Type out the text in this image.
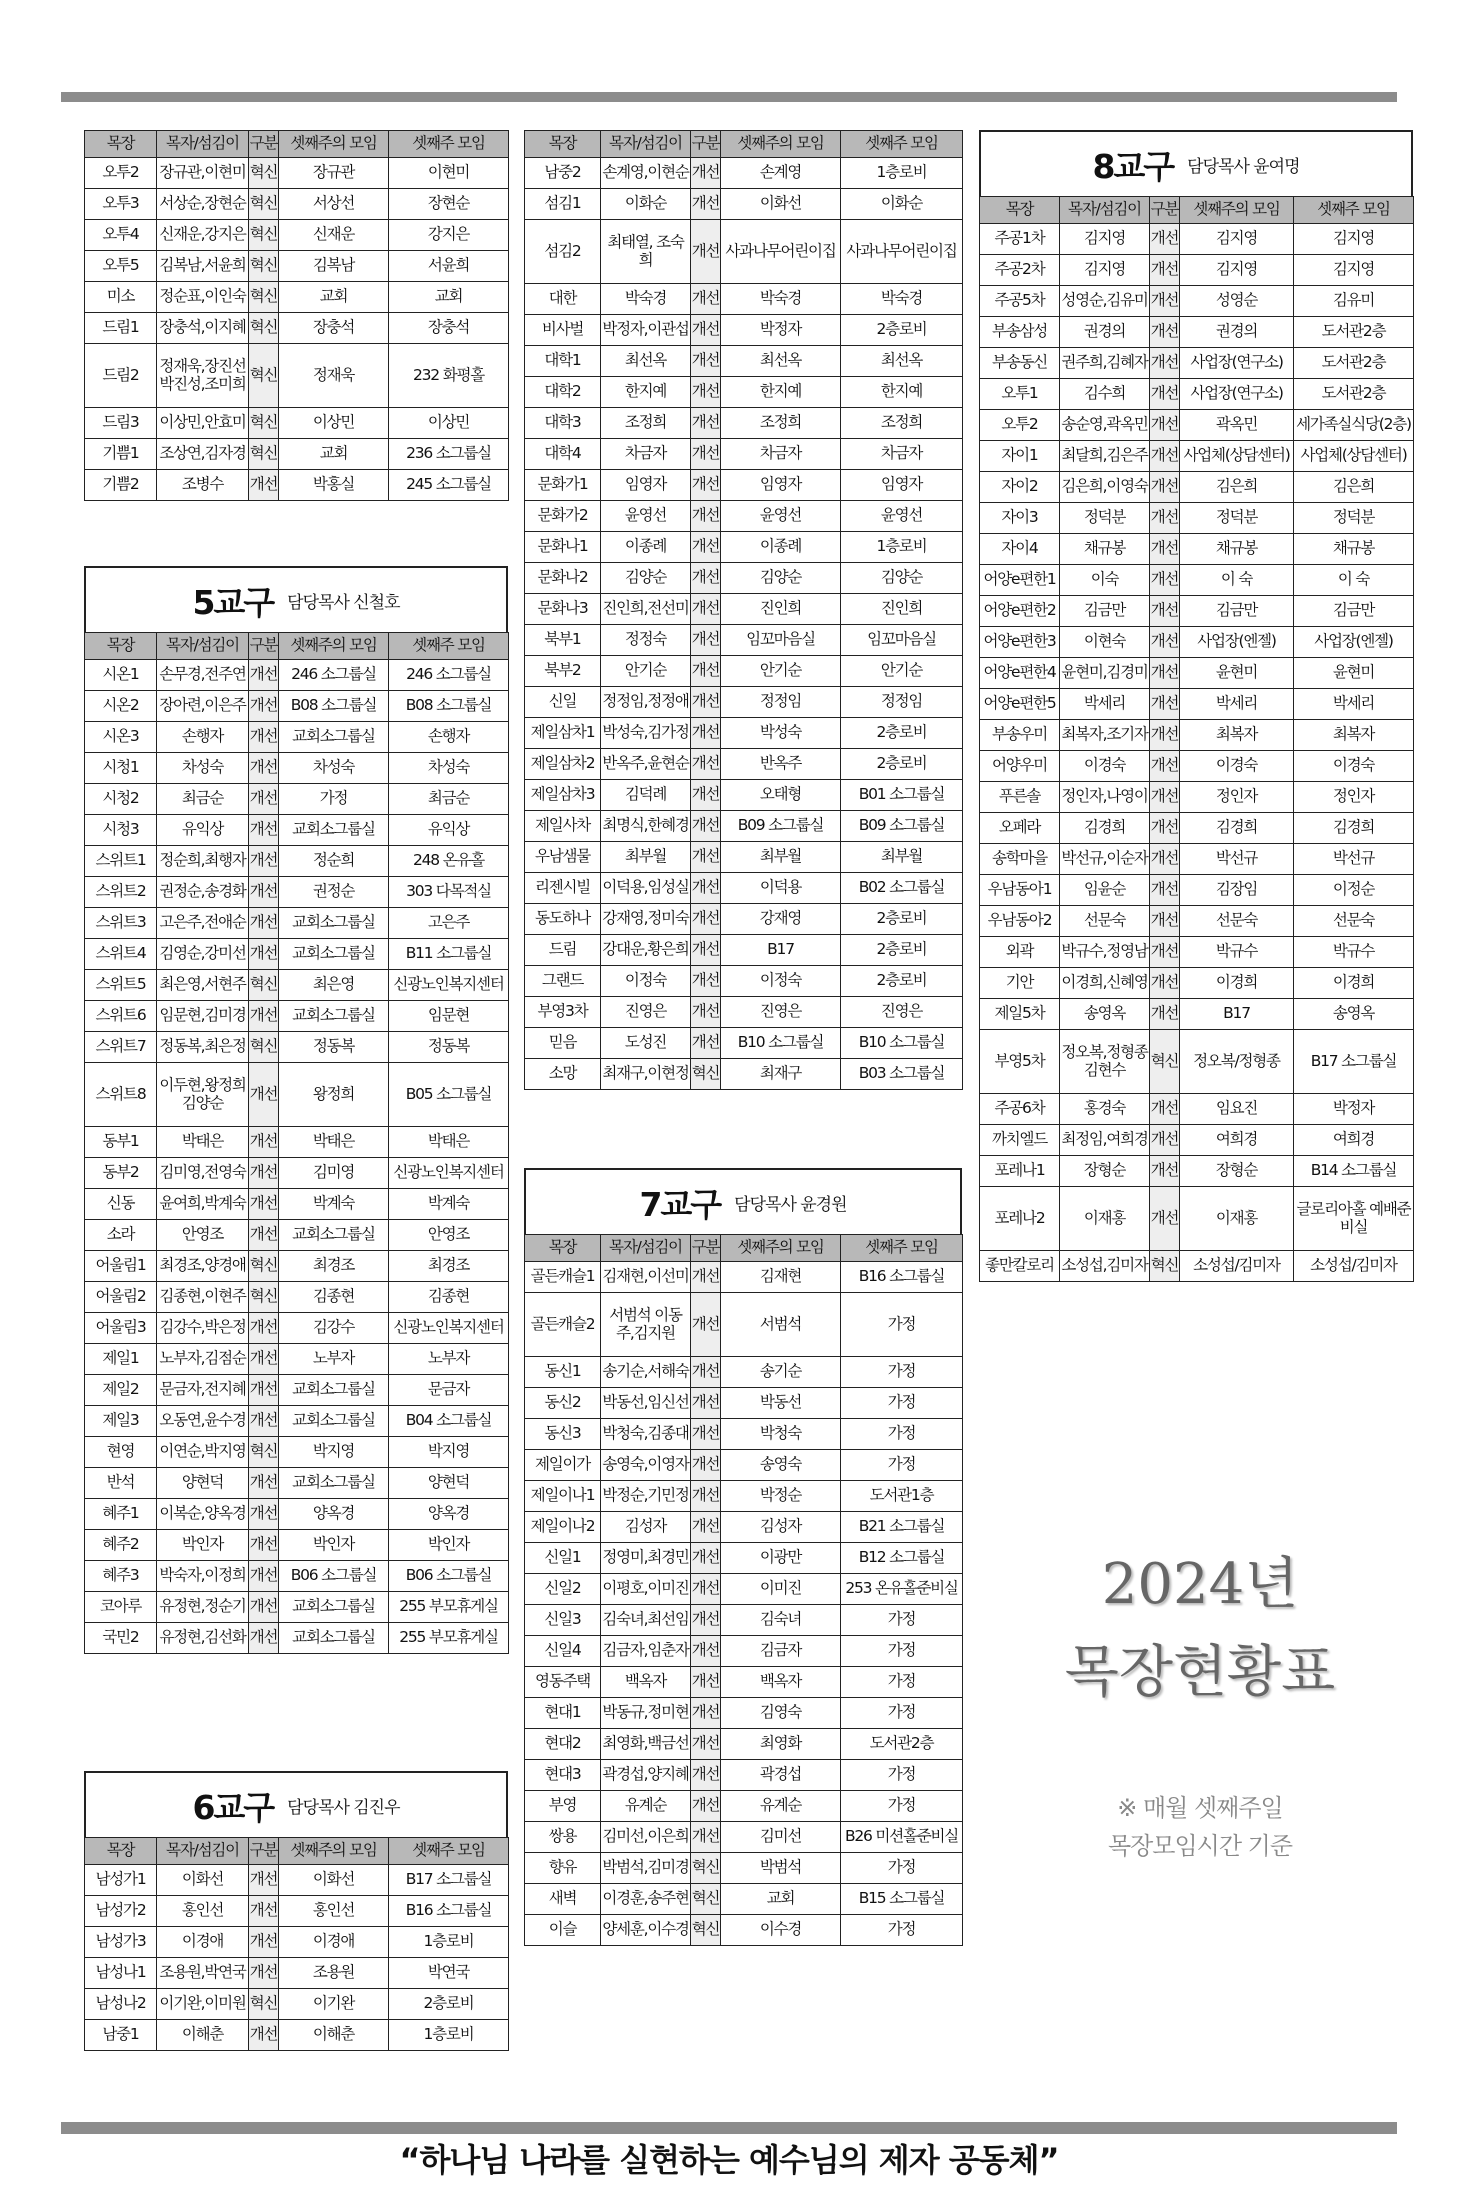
목장	목자/섬김이	구분	셋째주의 모임	셋째주 모임
오투2	장규관,이현미	혁신	장규관	이현미
오투3	서상순,장현순	혁신	서상선	장현순
오투4	신재운,강지은	혁신	신재운	강지은
오투5	김복남,서윤희	혁신	김복남	서윤희
미소	정순표,이인숙	혁신	교회	교회
드림1	장충석,이지혜	혁신	장충석	장충석
드림2	정재욱,장진선 박진성,조미희	혁신	정재욱	232 화평홀
드림3	이상민,안효미	혁신	이상민	이상민
기쁨1	조상연,김자경	혁신	교회	236 소그룹실
기쁨2	조병수	개선	박홍실	245 소그룹실
5교구 담당목사 신철호
목장	목자/섬김이	구분	셋째주의 모임	셋째주 모임
시온1	손무경,전주연	개선	246 소그룹실	246 소그룹실
시온2	장아련,이은주	개선	B08 소그룹실	B08 소그룹실
시온3	손행자	개선	교회소그룹실	손행자
시청1	차성숙	개선	차성숙	차성숙
시청2	최금순	개선	가정	최금순
시청3	유익상	개선	교회소그룹실	유익상
스위트1	정순희,최행자	개선	정순희	248 온유홀
스위트2	권정순,송경화	개선	권정순	303 다목적실
스위트3	고은주,전애순	개선	교회소그룹실	고은주
스위트4	김영순,강미선	개선	교회소그룹실	B11 소그룹실
스위트5	최은영,서현주	혁신	최은영	신광노인복지센터
스위트6	임문현,김미경	개선	교회소그룹실	임문현
스위트7	정동복,최은정	혁신	정동복	정동복
스위트8	이두현,왕정희 김양순	개선	왕정희	B05 소그룹실
동부1	박태은	개선	박태은	박태은
동부2	김미영,전영숙	개선	김미영	신광노인복지센터
신동	윤여희,박계숙	개선	박계숙	박계숙
소라	안영조	개선	교회소그룹실	안영조
어울림1	최경조,양경애	혁신	최경조	최경조
어울림2	김종현,이현주	혁신	김종현	김종현
어울림3	김강수,박은정	개선	김강수	신광노인복지센터
제일1	노부자,김점순	개선	노부자	노부자
제일2	문금자,전지혜	개선	교회소그룹실	문금자
제일3	오동연,윤수경	개선	교회소그룹실	B04 소그룹실
현영	이연순,박지영	혁신	박지영	박지영
반석	양현덕	개선	교회소그룹실	양현덕
혜주1	이복순,양옥경	개선	양옥경	양옥경
혜주2	박인자	개선	박인자	박인자
혜주3	박숙자,이정희	개선	B06 소그룹실	B06 소그룹실
코아루	유정현,정순기	개선	교회소그룹실	255 부모휴게실
국민2	유정현,김선화	개선	교회소그룹실	255 부모휴게실
6교구 담당목사 김진우
목장	목자/섬김이	구분	셋째주의 모임	셋째주 모임
남성가1	이화선	개선	이화선	B17 소그룹실
남성가2	홍인선	개선	홍인선	B16 소그룹실
남성가3	이경애	개선	이경애	1층로비
남성나1	조용원,박연국	개선	조용원	박연국
남성나2	이기완,이미원	혁신	이기완	2층로비
남중1	이해춘	개선	이해춘	1층로비
목장	목자/섬김이	구분	셋째주의 모임	셋째주 모임
남중2	손계영,이현순	개선	손계영	1층로비
섬김1	이화순	개선	이화선	이화순
섬김2	최태열, 조숙희	개선	사과나무어린이집	사과나무어린이집
대한	박숙경	개선	박숙경	박숙경
비사벌	박정자,이관섭	개선	박정자	2층로비
대학1	최선옥	개선	최선옥	최선옥
대학2	한지예	개선	한지예	한지예
대학3	조정희	개선	조정희	조정희
대학4	차금자	개선	차금자	차금자
문화가1	임영자	개선	임영자	임영자
문화가2	윤영선	개선	윤영선	윤영선
문화나1	이종례	개선	이종례	1층로비
문화나2	김양순	개선	김양순	김양순
문화나3	진인희,전선미	개선	진인희	진인희
북부1	정정숙	개선	임꼬마음실	임꼬마음실
북부2	안기순	개선	안기순	안기순
신일	정정임,정정애	개선	정정임	정정임
제일삼차1	박성숙,김가정	개선	박성숙	2층로비
제일삼차2	반옥주,윤현순	개선	반옥주	2층로비
제일삼차3	김덕례	개선	오태형	B01 소그룹실
제일사차	최명식,한혜경	개선	B09 소그룹실	B09 소그룹실
우남샘물	최부월	개선	최부월	최부월
리젠시빌	이덕용,임성실	개선	이덕용	B02 소그룹실
동도하나	강재영,정미숙	개선	강재영	2층로비
드림	강대운,황은희	개선	B17	2층로비
그랜드	이정숙	개선	이정숙	2층로비
부영3차	진영은	개선	진영은	진영은
믿음	도성진	개선	B10 소그룹실	B10 소그룹실
소망	최재구,이현정	혁신	최재구	B03 소그룹실
7교구 담당목사 윤경원
목장	목자/섬김이	구분	셋째주의 모임	셋째주 모임
골든캐슬1	김재현,이선미	개선	김재현	B16 소그룹실
골든캐슬2	서범석 이동주,김지원	개선	서범석	가정
동신1	송기순,서해숙	개선	송기순	가정
동신2	박동선,임신선	개선	박동선	가정
동신3	박청숙,김종대	개선	박청숙	가정
제일이가	송영숙,이영자	개선	송영숙	가정
제일이나1	박정순,기민정	개선	박정순	도서관1층
제일이나2	김성자	개선	김성자	B21 소그룹실
신일1	정영미,최경민	개선	이광만	B12 소그룹실
신일2	이평호,이미진	개선	이미진	253 온유홀준비실
신일3	김숙녀,최선임	개선	김숙녀	가정
신일4	김금자,임춘자	개선	김금자	가정
영동주택	백옥자	개선	백옥자	가정
현대1	박동규,정미현	개선	김영숙	가정
현대2	최영화,백금선	개선	최영화	도서관2층
현대3	곽경섭,양지혜	개선	곽경섭	가정
부영	유계순	개선	유계순	가정
쌍용	김미선,이은희	개선	김미선	B26 미션홀준비실
향유	박범석,김미경	혁신	박범석	가정
새벽	이경훈,송주현	혁신	교회	B15 소그룹실
이슬	양세훈,이수경	혁신	이수경	가정
8교구 담당목사 윤여명
목장	목자/섬김이	구분	셋째주의 모임	셋째주 모임
주공1차	김지영	개선	김지영	김지영
주공2차	김지영	개선	김지영	김지영
주공5차	성영순,김유미	개선	성영순	김유미
부송삼성	권경의	개선	권경의	도서관2층
부송동신	권주희,김혜자	개선	사업장(연구소)	도서관2층
오투1	김수희	개선	사업장(연구소)	도서관2층
오투2	송순영,곽옥민	개선	곽옥민	세가족실식당(2층)
자이1	최달희,김은주	개선	사업체(상담센터)	사업체(상담센터)
자이2	김은희,이영숙	개선	김은희	김은희
자이3	정덕분	개선	정덕분	정덕분
자이4	채규봉	개선	채규봉	채규봉
어양e편한1	이숙	개선	이 숙	이 숙
어양e편한2	김금만	개선	김금만	김금만
어양e편한3	이현숙	개선	사업장(엔젤)	사업장(엔젤)
어양e편한4	윤현미,김경미	개선	윤현미	윤현미
어양e편한5	박세리	개선	박세리	박세리
부송우미	최복자,조기자	개선	최복자	최복자
어양우미	이경숙	개선	이경숙	이경숙
푸른솔	정인자,나영이	개선	정인자	정인자
오페라	김경희	개선	김경희	김경희
송학마을	박선규,이순자	개선	박선규	박선규
우남동아1	임윤순	개선	김장임	이정순
우남동아2	선문숙	개선	선문숙	선문숙
외곽	박규수,정영남	개선	박규수	박규수
기안	이경희,신혜영	개선	이경희	이경희
제일5차	송영옥	개선	B17	송영옥
부영5차	정오복,정형종 김현수	혁신	정오복/정형종	B17 소그룹실
주공6차	홍경숙	개선	임요진	박정자
까치엘드	최정임,여희경	개선	여희경	여희경
포레나1	장형순	개선	장형순	B14 소그룹실
포레나2	이재홍	개선	이재홍	글로리아홀 예배준비실
좋만칼로리	소성섭,김미자	혁신	소성섭/김미자	소성섭/김미자
2024년
목장현황표
※ 매월 셋째주일
목장모임시간 기준
“하나님 나라를 실현하는 예수님의 제자 공동체”
